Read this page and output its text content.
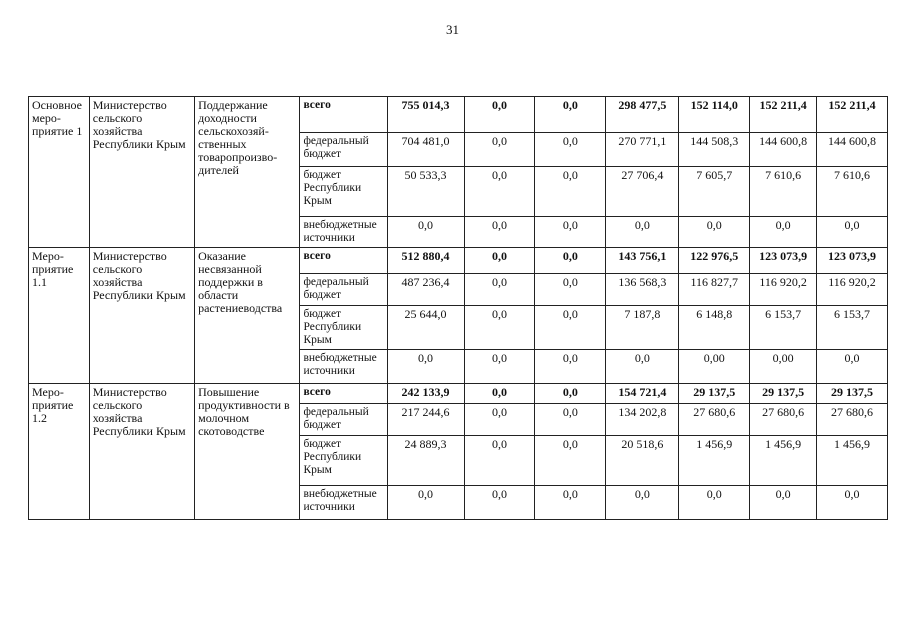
31
Основное меро-приятие 1	Министерство сельского хозяйства Республики Крым	Поддержание доходности сельскохозяй-ственных товаропроизво-дителей	всего	755 014,3	0,0	0,0	298 477,5	152 114,0	152 211,4	152 211,4
			федеральный бюджет	704 481,0	0,0	0,0	270 771,1	144 508,3	144 600,8	144 600,8
			бюджет Республики Крым	50 533,3	0,0	0,0	27 706,4	7 605,7	7 610,6	7 610,6
			внебюджетные источники	0,0	0,0	0,0	0,0	0,0	0,0	0,0
Меро-приятие 1.1	Министерство сельского хозяйства Республики Крым	Оказание несвязанной поддержки в области растениеводства	всего	512 880,4	0,0	0,0	143 756,1	122 976,5	123 073,9	123 073,9
			федеральный бюджет	487 236,4	0,0	0,0	136 568,3	116 827,7	116 920,2	116 920,2
			бюджет Республики Крым	25 644,0	0,0	0,0	7 187,8	6 148,8	6 153,7	6 153,7
			внебюджетные источники	0,0	0,0	0,0	0,0	0,00	0,00	0,0
Меро-приятие 1.2	Министерство сельского хозяйства Республики Крым	Повышение продуктивности в молочном скотоводстве	всего	242 133,9	0,0	0,0	154 721,4	29 137,5	29 137,5	29 137,5
			федеральный бюджет	217 244,6	0,0	0,0	134 202,8	27 680,6	27 680,6	27 680,6
			бюджет Республики Крым	24 889,3	0,0	0,0	20 518,6	1 456,9	1 456,9	1 456,9
			внебюджетные источники	0,0	0,0	0,0	0,0	0,0	0,0	0,0
